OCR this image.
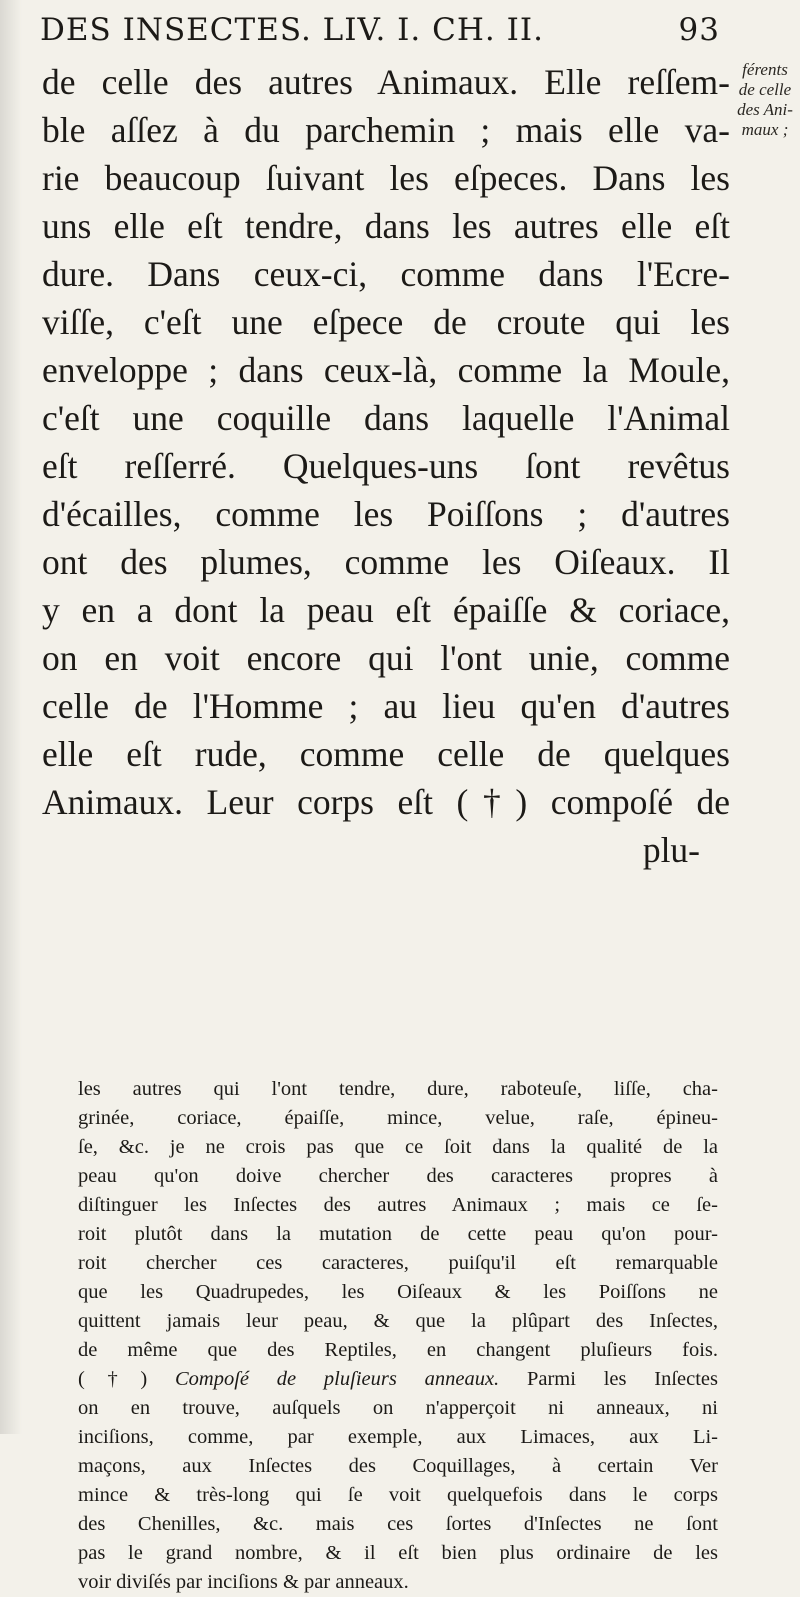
DES INSECTES. LIV. I. CH. II.	93
férents
de celle
des Ani-
maux ;
de celle des autres Animaux. Elle reſſem-
ble aſſez à du parchemin ; mais elle va-
rie beaucoup ſuivant les eſpeces. Dans les
uns elle eſt tendre, dans les autres elle eſt
dure. Dans ceux-ci, comme dans l'Ecre-
viſſe, c'eſt une eſpece de croute qui les
enveloppe ; dans ceux-là, comme la Moule,
c'eſt une coquille dans laquelle l'Animal
eſt reſſerré. Quelques-uns ſont revêtus
d'écailles, comme les Poiſſons ; d'autres
ont des plumes, comme les Oiſeaux. Il
y en a dont la peau eſt épaiſſe & coriace,
on en voit encore qui l'ont unie, comme
celle de l'Homme ; au lieu qu'en d'autres
elle eſt rude, comme celle de quelques
Animaux. Leur corps eſt (†) compoſé de
plu-
les autres qui l'ont tendre, dure, raboteuſe, liſſe, cha-
grinée, coriace, épaiſſe, mince, velue, raſe, épineu-
ſe, &c. je ne crois pas que ce ſoit dans la qualité de la
peau qu'on doive chercher des caracteres propres à
diſtinguer les Inſectes des autres Animaux ; mais ce ſe-
roit plutôt dans la mutation de cette peau qu'on pour-
roit chercher ces caracteres, puiſqu'il eſt remarquable
que les Quadrupedes, les Oiſeaux & les Poiſſons ne
quittent jamais leur peau, & que la plûpart des Inſectes,
de même que des Reptiles, en changent pluſieurs fois.
(†) Compoſé de pluſieurs anneaux. Parmi les Inſectes
on en trouve, auſquels on n'apperçoit ni anneaux, ni
inciſions, comme, par exemple, aux Limaces, aux Li-
maçons, aux Inſectes des Coquillages, à certain Ver
mince & très-long qui ſe voit quelquefois dans le corps
des Chenilles, &c. mais ces ſortes d'Inſectes ne ſont
pas le grand nombre, & il eſt bien plus ordinaire de les
voir diviſés par inciſions & par anneaux.
